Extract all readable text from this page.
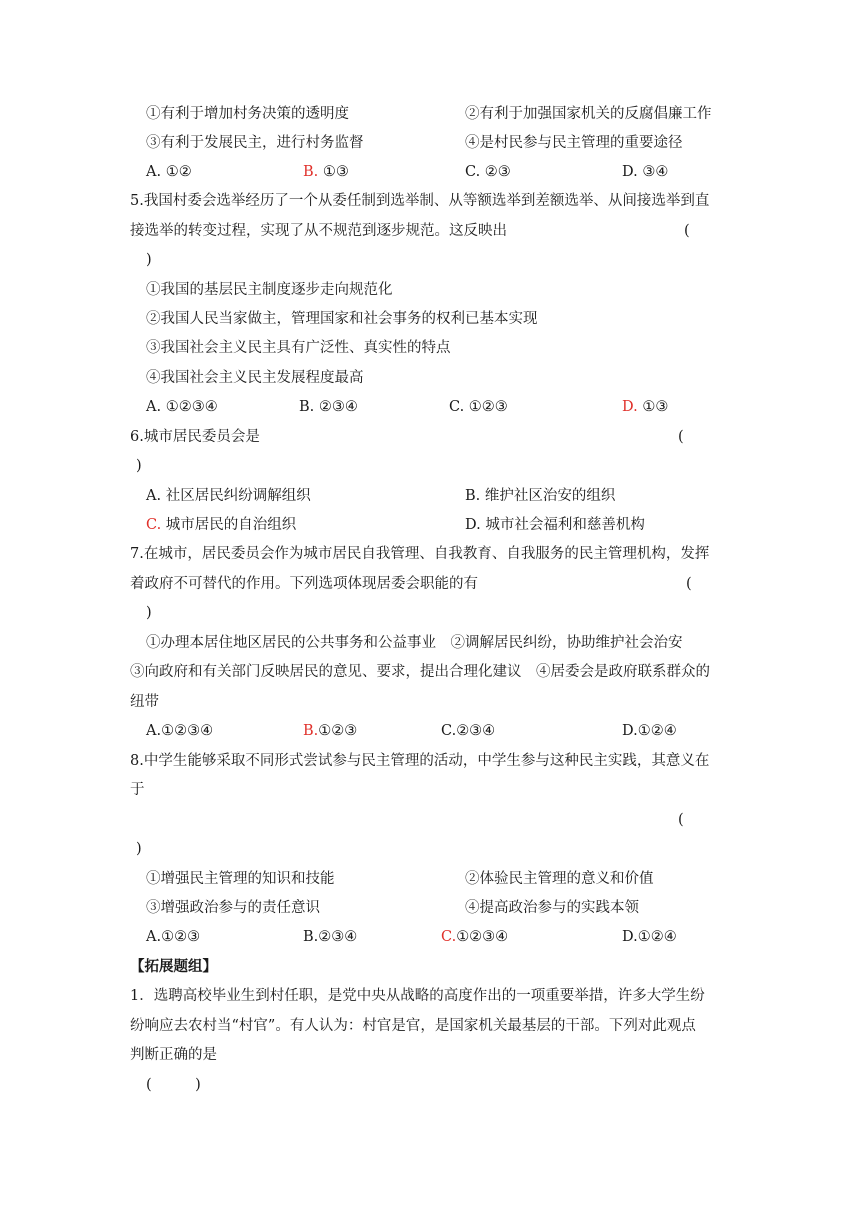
①有利于增加村务决策的透明度	②有利于加强国家机关的反腐倡廉工作
③有利于发展民主，进行村务监督	④是村民参与民主管理的重要途径
A. ①②	B. ①③	C. ②③	D. ③④
5.我国村委会选举经历了一个从委任制到选举制、从等额选举到差额选举、从间接选举到直
接选举的转变过程，实现了从不规范到逐步规范。这反映出	(
)
①我国的基层民主制度逐步走向规范化
②我国人民当家做主，管理国家和社会事务的权利已基本实现
③我国社会主义民主具有广泛性、真实性的特点
④我国社会主义民主发展程度最高
A. ①②③④	B. ②③④	C. ①②③	D. ①③
6.城市居民委员会是	(
)
A. 社区居民纠纷调解组织	B. 维护社区治安的组织
C. 城市居民的自治组织	D. 城市社会福利和慈善机构
7.在城市，居民委员会作为城市居民自我管理、自我教育、自我服务的民主管理机构，发挥
着政府不可替代的作用。下列选项体现居委会职能的有	(
)
①办理本居住地区居民的公共事务和公益事业　②调解居民纠纷，协助维护社会治安
③向政府和有关部门反映居民的意见、要求，提出合理化建议　④居委会是政府联系群众的
纽带
A.①②③④	B.①②③	C.②③④	D.①②④
8.中学生能够采取不同形式尝试参与民主管理的活动，中学生参与这种民主实践，其意义在
于
(
)
①增强民主管理的知识和技能	②体验民主管理的意义和价值
③增强政治参与的责任意识	④提高政治参与的实践本领
A.①②③	B.②③④	C.①②③④	D.①②④
【拓展题组】
1．选聘高校毕业生到村任职，是党中央从战略的高度作出的一项重要举措，许多大学生纷
纷响应去农村当“村官”。有人认为：村官是官，是国家机关最基层的干部。下列对此观点
判断正确的是
(　　　)
